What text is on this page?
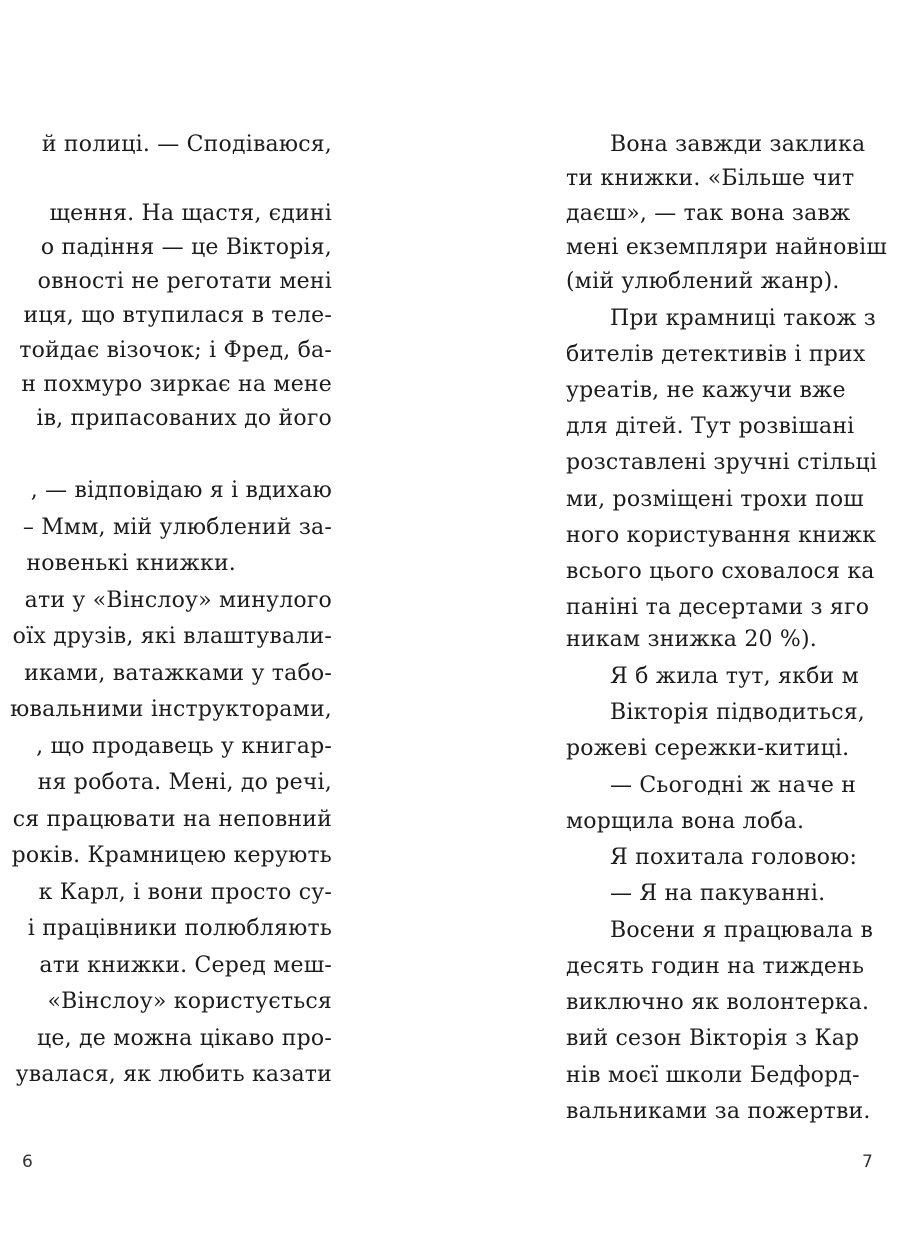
й полиці. — Сподіваюся,
щення. На щастя, єдині
о падіння — це Вікторія,
овності не реготати мені
иця, що втупилася в теле-
тойдає візочок; і Фред, ба-
н похмуро зиркає на мене
ів, припасованих до його
, — відповідаю я і вдихаю
– Ммм, мій улюблений за-
новенькі книжки.
ати у «Вінслоу» минулого
оїх друзів, які влаштували-
иками, ватажками у табо-
ювальними інструкторами,
, що продавець у книгар-
ня робота. Мені, до речі,
ся працювати на неповний
років. Крамницею керують
к Карл, і вони просто су-
і працівники полюбляють
ати книжки. Серед меш-
«Вінслоу» користується
це, де можна цікаво про-
увалася, як любить казати
6
Вона завжди заклика
ти книжки. «Більше чит
даєш», — так вона завж
мені екземпляри найновіш
(мій улюблений жанр).
При крамниці також з
бителів детективів і прих
уреатів, не кажучи вже
для дітей. Тут розвішані
розставлені зручні стільці
ми, розміщені трохи пош
ного користування книжк
всього цього сховалося ка
паніні та десертами з яго
никам знижка 20 %).
Я б жила тут, якби м
Вікторія підводиться,
рожеві сережки-китиці.
— Сьогодні ж наче н
морщила вона лоба.
Я похитала головою:
— Я на пакуванні.
Восени я працювала в
десять годин на тиждень
виключно як волонтерка.
вий сезон Вікторія з Кар
нів моєї школи Бедфорд-
вальниками за пожертви.
7
